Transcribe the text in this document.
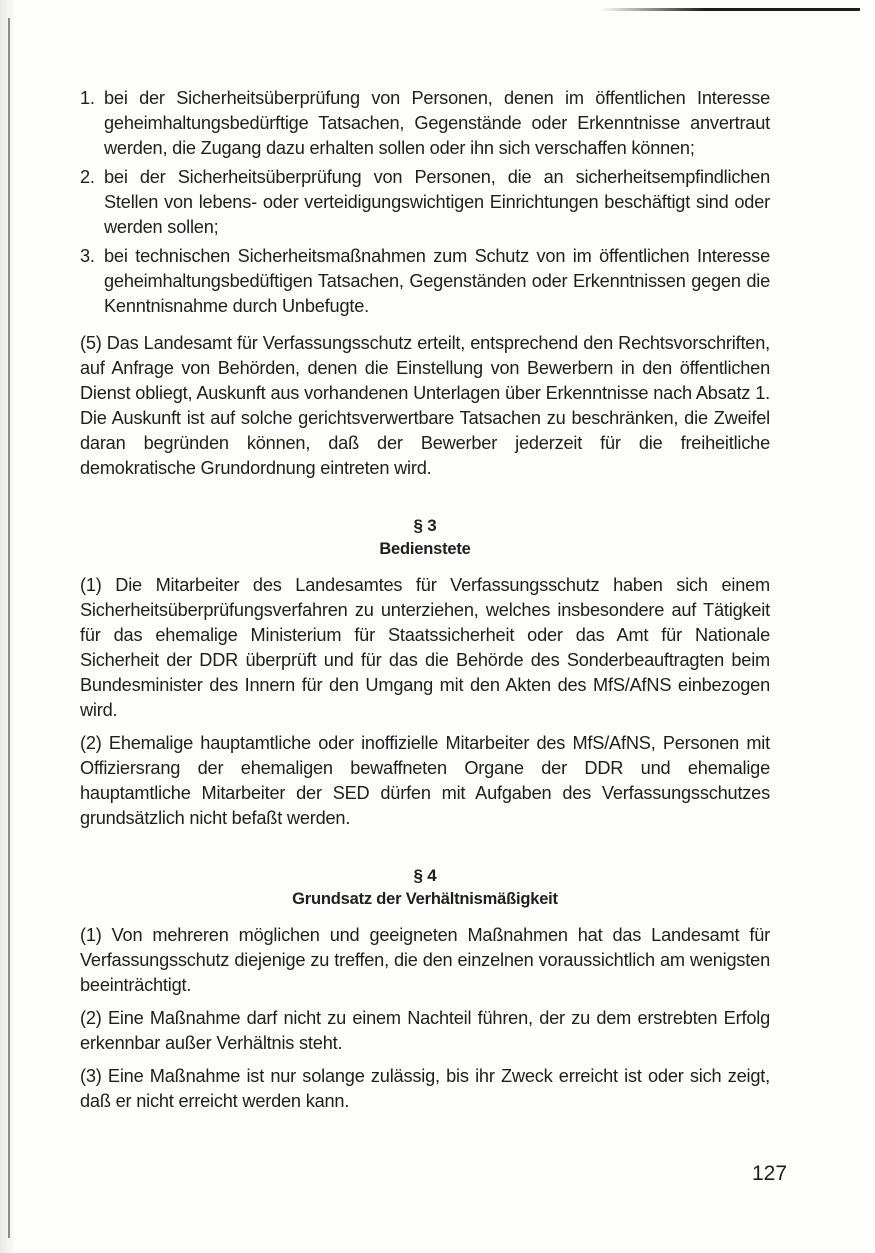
1. bei der Sicherheitsüberprüfung von Personen, denen im öffentlichen Interesse geheimhaltungsbedürftige Tatsachen, Gegenstände oder Erkenntnisse anvertraut werden, die Zugang dazu erhalten sollen oder ihn sich verschaffen können;
2. bei der Sicherheitsüberprüfung von Personen, die an sicherheitsempfindlichen Stellen von lebens- oder verteidigungswichtigen Einrichtungen beschäftigt sind oder werden sollen;
3. bei technischen Sicherheitsmaßnahmen zum Schutz von im öffentlichen Interesse geheimhaltungsbedüftigen Tatsachen, Gegenständen oder Erkenntnissen gegen die Kenntnisnahme durch Unbefugte.

(5) Das Landesamt für Verfassungsschutz erteilt, entsprechend den Rechtsvorschriften, auf Anfrage von Behörden, denen die Einstellung von Bewerbern in den öffentlichen Dienst obliegt, Auskunft aus vorhandenen Unterlagen über Erkenntnisse nach Absatz 1. Die Auskunft ist auf solche gerichtsverwertbare Tatsachen zu beschränken, die Zweifel daran begründen können, daß der Bewerber jederzeit für die freiheitliche demokratische Grundordnung eintreten wird.

§ 3
Bedienstete

(1) Die Mitarbeiter des Landesamtes für Verfassungsschutz haben sich einem Sicherheitsüberprüfungsverfahren zu unterziehen, welches insbesondere auf Tätigkeit für das ehemalige Ministerium für Staatssicherheit oder das Amt für Nationale Sicherheit der DDR überprüft und für das die Behörde des Sonderbeauftragten beim Bundesminister des Innern für den Umgang mit den Akten des MfS/AfNS einbezogen wird.

(2) Ehemalige hauptamtliche oder inoffizielle Mitarbeiter des MfS/AfNS, Personen mit Offiziersrang der ehemaligen bewaffneten Organe der DDR und ehemalige hauptamtliche Mitarbeiter der SED dürfen mit Aufgaben des Verfassungsschutzes grundsätzlich nicht befaßt werden.

§ 4
Grundsatz der Verhältnismäßigkeit

(1) Von mehreren möglichen und geeigneten Maßnahmen hat das Landesamt für Verfassungsschutz diejenige zu treffen, die den einzelnen voraussichtlich am wenigsten beeinträchtigt.

(2) Eine Maßnahme darf nicht zu einem Nachteil führen, der zu dem erstrebten Erfolg erkennbar außer Verhältnis steht.

(3) Eine Maßnahme ist nur solange zulässig, bis ihr Zweck erreicht ist oder sich zeigt, daß er nicht erreicht werden kann.

127
